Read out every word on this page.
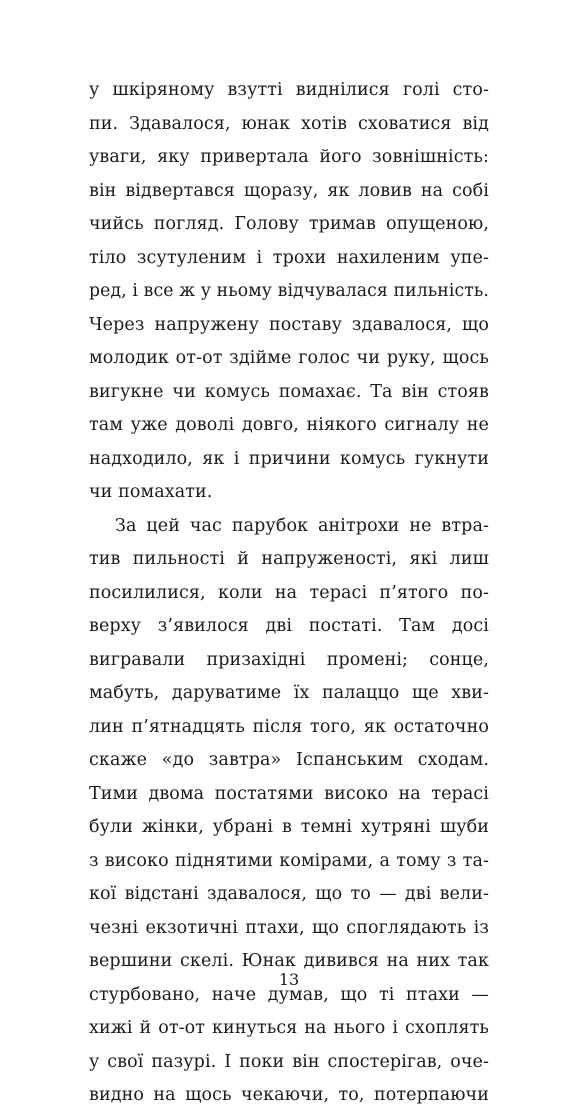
у шкіряному взутті виднілися голі сто-
пи. Здавалося, юнак хотів сховатися від
уваги, яку привертала його зовнішність:
він відвертався щоразу, як ловив на собі
чийсь погляд. Голову тримав опущеною,
тіло зсутуленим і трохи нахиленим упе-
ред, і все ж у ньому відчувалася пильність.
Через напружену поставу здавалося, що
молодик от-от здійме голос чи руку, щось
вигукне чи комусь помахає. Та він стояв
там уже доволі довго, ніякого сигналу не
надходило, як і причини комусь гукнути
чи помахати.
За цей час парубок анітрохи не втра-
тив пильності й напруженості, які лиш
посилилися, коли на терасі п’ятого по-
верху з’явилося дві постаті. Там досі
вигравали призахідні промені; сонце,
мабуть, даруватиме їх палаццо ще хви-
лин п’ятнадцять після того, як остаточно
скаже «до завтра» Іспанським сходам.
Тими двома постатями високо на терасі
були жінки, убрані в темні хутряні шуби
з високо піднятими комірами, а тому з та-
кої відстані здавалося, що то — дві вели-
чезні екзотичні птахи, що споглядають із
вершини скелі. Юнак дивився на них так
стурбовано, наче думав, що ті птахи —
хижі й от-от кинуться на нього і схоплять
у свої пазурі. І поки він спостерігав, оче-
видно на щось чекаючи, то, потерпаючи
13
